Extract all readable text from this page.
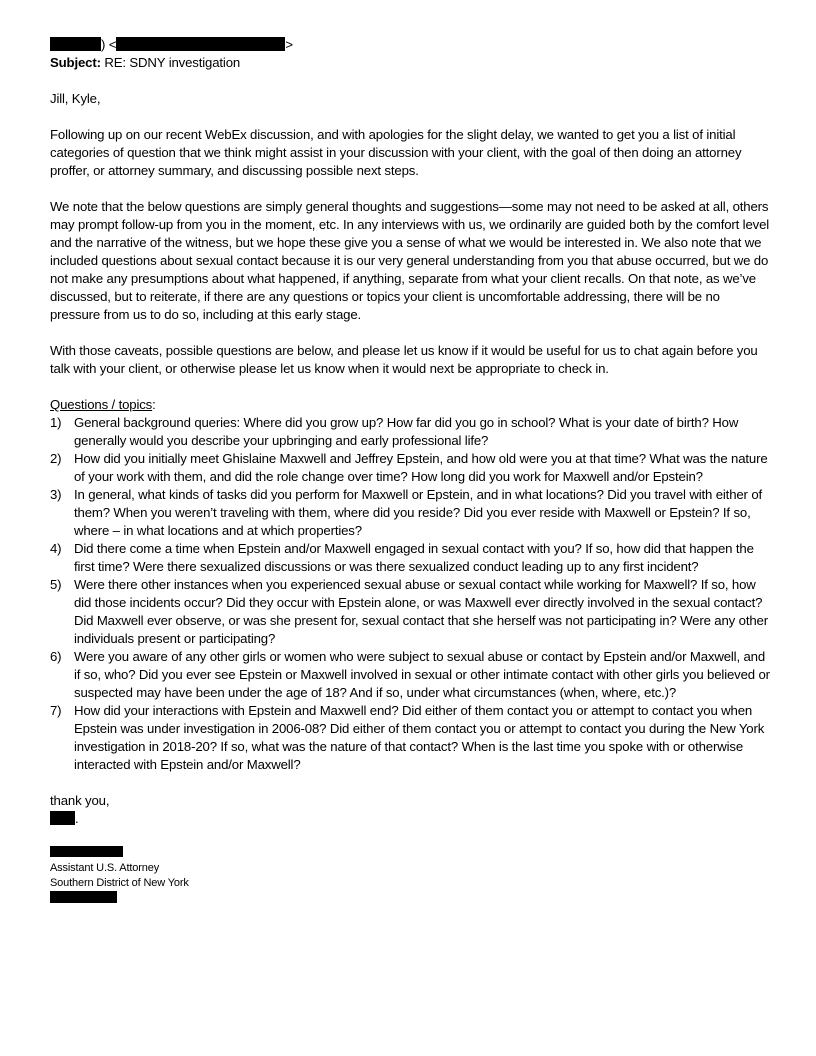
) <	>
Subject: RE: SDNY investigation

Jill, Kyle,

Following up on our recent WebEx discussion, and with apologies for the slight delay, we wanted to get you a list of initial categories of question that we think might assist in your discussion with your client, with the goal of then doing an attorney proffer, or attorney summary, and discussing possible next steps.

We note that the below questions are simply general thoughts and suggestions—some may not need to be asked at all, others may prompt follow-up from you in the moment, etc. In any interviews with us, we ordinarily are guided both by the comfort level and the narrative of the witness, but we hope these give you a sense of what we would be interested in. We also note that we included questions about sexual contact because it is our very general understanding from you that abuse occurred, but we do not make any presumptions about what happened, if anything, separate from what your client recalls. On that note, as we’ve discussed, but to reiterate, if there are any questions or topics your client is uncomfortable addressing, there will be no pressure from us to do so, including at this early stage.

With those caveats, possible questions are below, and please let us know if it would be useful for us to chat again before you talk with your client, or otherwise please let us know when it would next be appropriate to check in.

Questions / topics:
1) General background queries: Where did you grow up? How far did you go in school? What is your date of birth? How generally would you describe your upbringing and early professional life?
2) How did you initially meet Ghislaine Maxwell and Jeffrey Epstein, and how old were you at that time? What was the nature of your work with them, and did the role change over time? How long did you work for Maxwell and/or Epstein?
3) In general, what kinds of tasks did you perform for Maxwell or Epstein, and in what locations? Did you travel with either of them? When you weren’t traveling with them, where did you reside? Did you ever reside with Maxwell or Epstein? If so, where – in what locations and at which properties?
4) Did there come a time when Epstein and/or Maxwell engaged in sexual contact with you? If so, how did that happen the first time? Were there sexualized discussions or was there sexualized conduct leading up to any first incident?
5) Were there other instances when you experienced sexual abuse or sexual contact while working for Maxwell? If so, how did those incidents occur? Did they occur with Epstein alone, or was Maxwell ever directly involved in the sexual contact? Did Maxwell ever observe, or was she present for, sexual contact that she herself was not participating in? Were any other individuals present or participating?
6) Were you aware of any other girls or women who were subject to sexual abuse or contact by Epstein and/or Maxwell, and if so, who? Did you ever see Epstein or Maxwell involved in sexual or other intimate contact with other girls you believed or suspected may have been under the age of 18? And if so, under what circumstances (when, where, etc.)?
7) How did your interactions with Epstein and Maxwell end? Did either of them contact you or attempt to contact you when Epstein was under investigation in 2006-08? Did either of them contact you or attempt to contact you during the New York investigation in 2018-20? If so, what was the nature of that contact? When is the last time you spoke with or otherwise interacted with Epstein and/or Maxwell?

thank you,

.
Assistant U.S. Attorney
Southern District of New York
